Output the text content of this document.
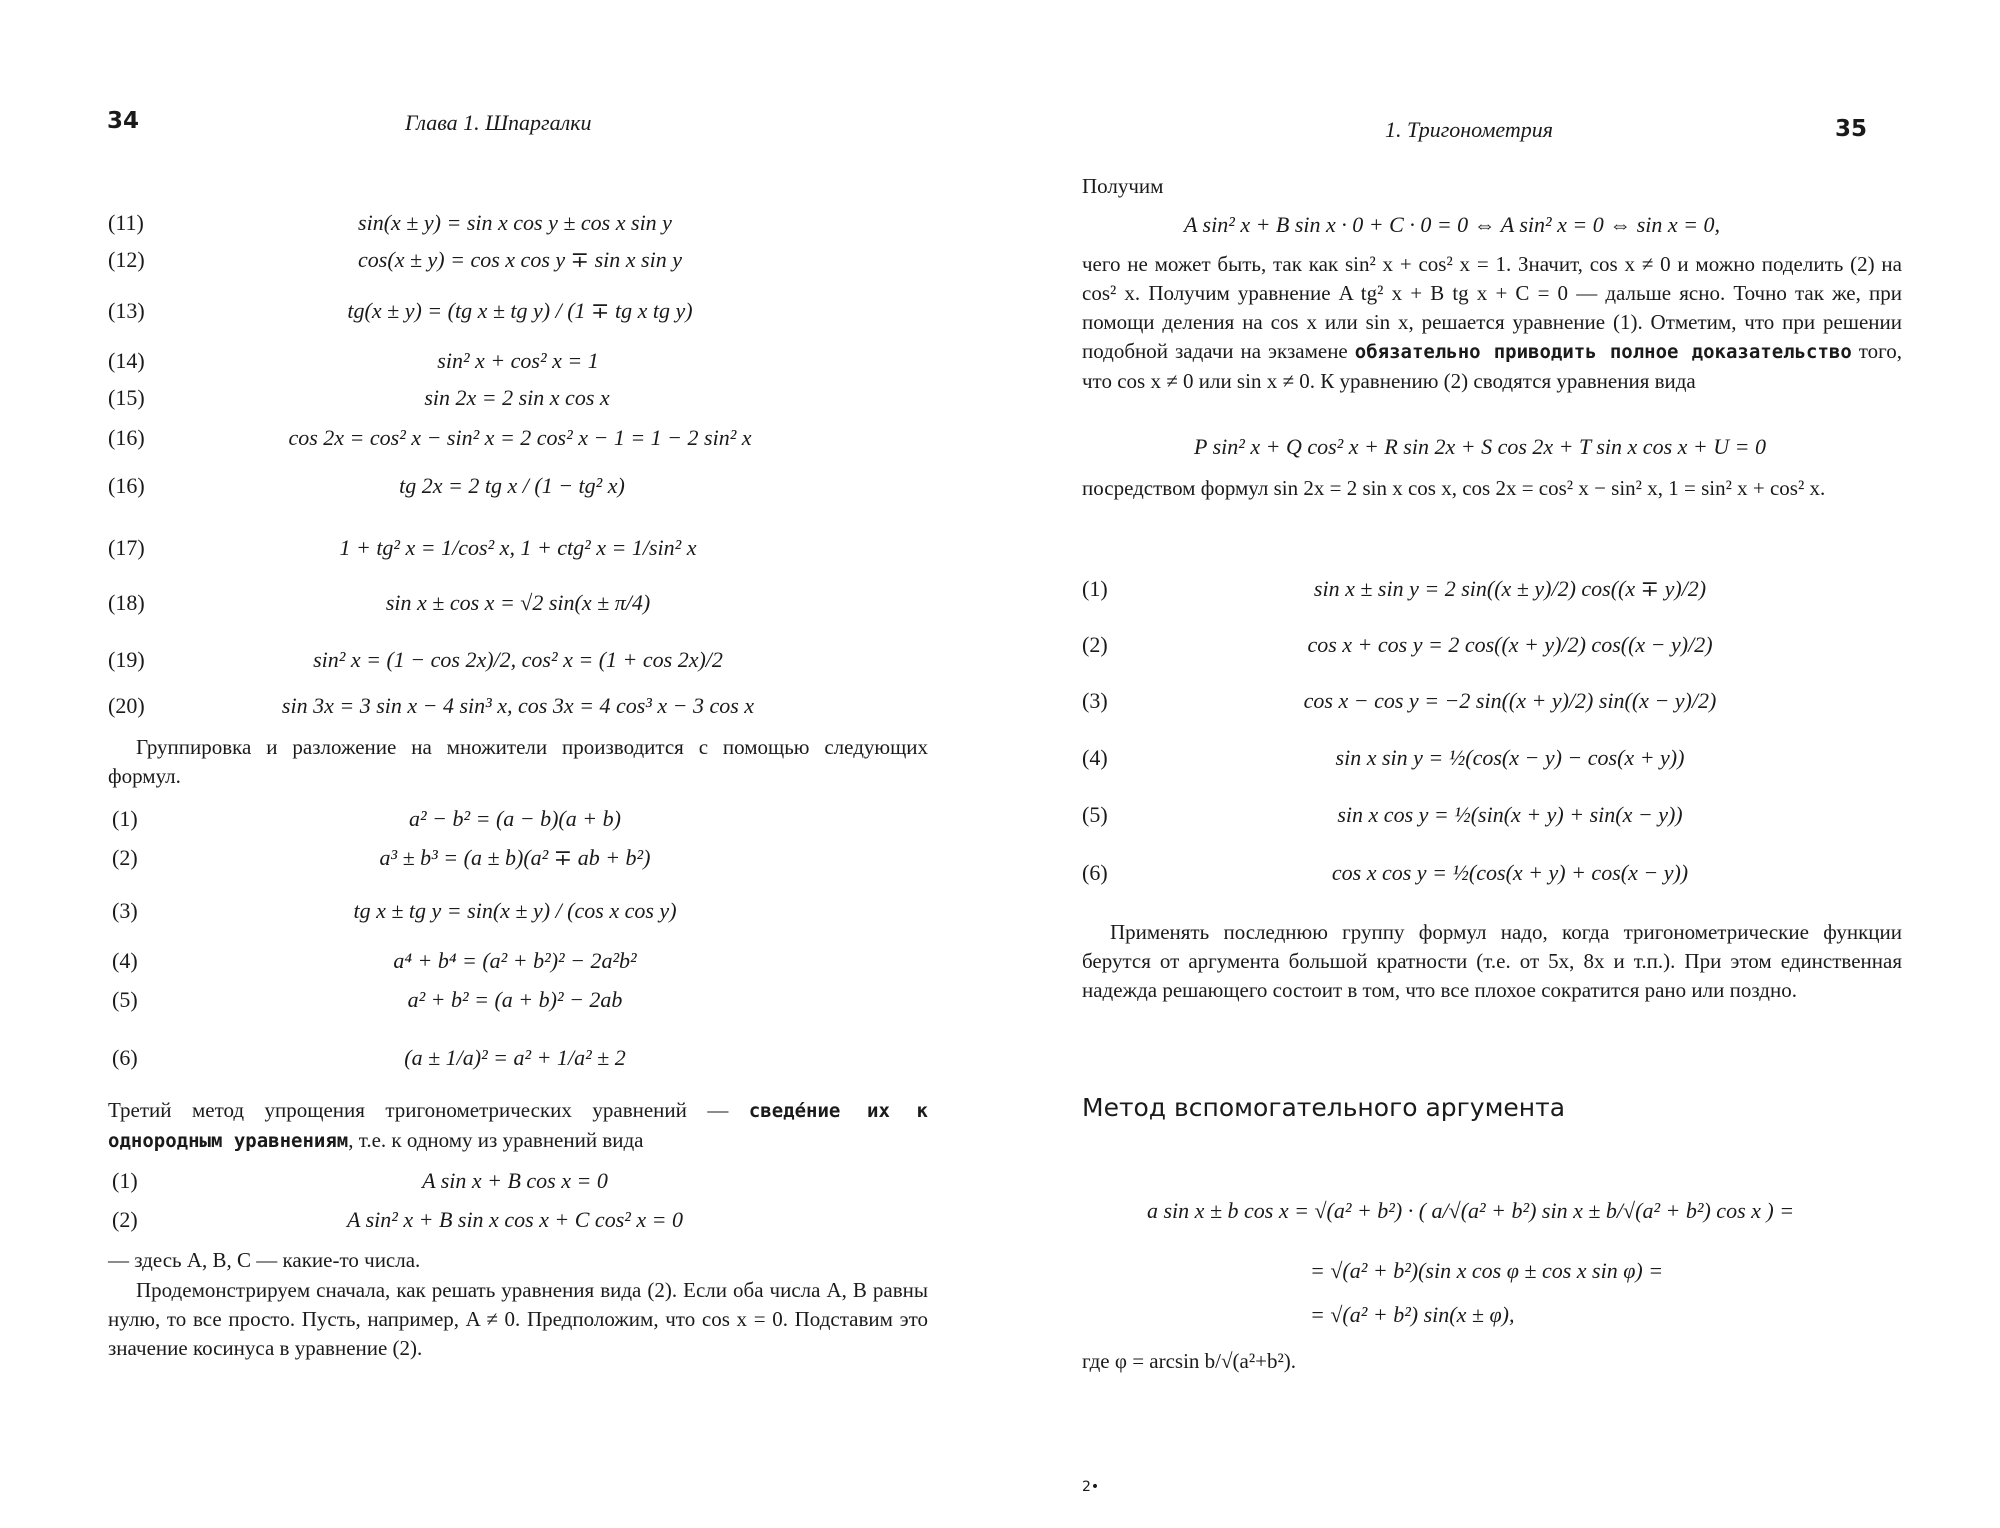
34	Глава 1. Шпаргалки
(11)	sin(x ± y) = sin x cos y ± cos x sin y
(12)	cos(x ± y) = cos x cos y ∓ sin x sin y
(13)	tg(x ± y) = (tg x ± tg y) / (1 ∓ tg x tg y)
(14)	sin² x + cos² x = 1
(15)	sin 2x = 2 sin x cos x
(16)	cos 2x = cos² x − sin² x = 2 cos² x − 1 = 1 − 2 sin² x
(16)	tg 2x = 2 tg x / (1 − tg² x)
(17)	1 + tg² x = 1/cos² x, 1 + ctg² x = 1/sin² x
(18)	sin x ± cos x = √2 sin(x ± π/4)
(19)	sin² x = (1 − cos 2x)/2, cos² x = (1 + cos 2x)/2
(20)	sin 3x = 3 sin x − 4 sin³ x, cos 3x = 4 cos³ x − 3 cos x
Группировка и разложение на множители производится с помощью следующих формул.
(1)	a² − b² = (a − b)(a + b)
(2)	a³ ± b³ = (a ± b)(a² ∓ ab + b²)
(3)	tg x ± tg y = sin(x ± y) / (cos x cos y)
(4)	a⁴ + b⁴ = (a² + b²)² − 2a²b²
(5)	a² + b² = (a + b)² − 2ab
(6)	(a ± 1/a)² = a² + 1/a² ± 2
Третий метод упрощения тригонометрических уравнений — сведéние их к однородным уравнениям, т.е. к одному из уравнений вида
(1)	A sin x + B cos x = 0
(2)	A sin² x + B sin x cos x + C cos² x = 0
— здесь A, B, C — какие-то числа.
Продемонстрируем сначала, как решать уравнения вида (2). Если оба числа A, B равны нулю, то все просто. Пусть, например, A ≠ 0. Предположим, что cos x = 0. Подставим это значение косинуса в уравнение (2).
1. Тригонометрия	35
Получим
A sin² x + B sin x · 0 + C · 0 = 0 ⇔ A sin² x = 0 ⇔ sin x = 0,
чего не может быть, так как sin² x + cos² x = 1. Значит, cos x ≠ 0 и можно поделить (2) на cos² x. Получим уравнение A tg² x + B tg x + C = 0 — дальше ясно. Точно так же, при помощи деления на cos x или sin x, решается уравнение (1). Отметим, что при решении подобной задачи на экзамене обязательно приводить полное доказательство того, что cos x ≠ 0 или sin x ≠ 0. К уравнению (2) сводятся уравнения вида
P sin² x + Q cos² x + R sin 2x + S cos 2x + T sin x cos x + U = 0
посредством формул sin 2x = 2 sin x cos x, cos 2x = cos² x − sin² x, 1 = sin² x + cos² x.
(1)	sin x ± sin y = 2 sin((x ± y)/2) cos((x ∓ y)/2)
(2)	cos x + cos y = 2 cos((x + y)/2) cos((x − y)/2)
(3)	cos x − cos y = −2 sin((x + y)/2) sin((x − y)/2)
(4)	sin x sin y = ½(cos(x − y) − cos(x + y))
(5)	sin x cos y = ½(sin(x + y) + sin(x − y))
(6)	cos x cos y = ½(cos(x + y) + cos(x − y))
Применять последнюю группу формул надо, когда тригонометрические функции берутся от аргумента большой кратности (т.е. от 5x, 8x и т.п.). При этом единственная надежда решающего состоит в том, что все плохое сократится рано или поздно.
Метод вспомогательного аргумента
a sin x ± b cos x = √(a² + b²) · ( a/√(a² + b²) sin x ± b/√(a² + b²) cos x ) =
= √(a² + b²)(sin x cos φ ± cos x sin φ) =
= √(a² + b²) sin(x ± φ),
где φ = arcsin b/√(a²+b²).
2•
